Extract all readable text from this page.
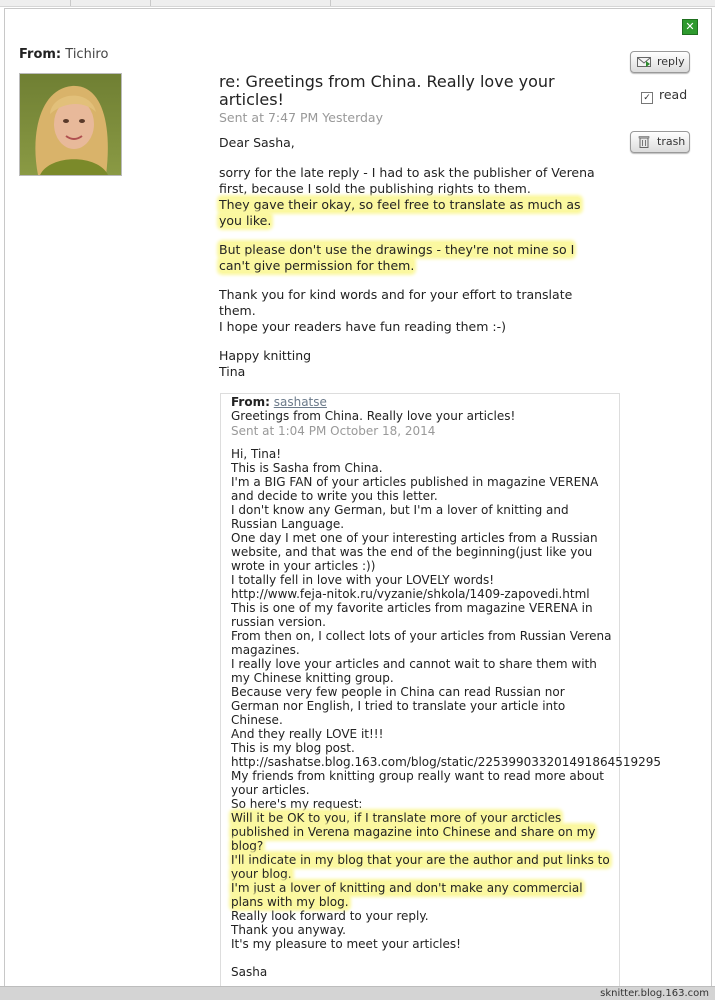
✕
From: Tichiro
re: Greetings from China. Really love your articles!
Sent at 7:47 PM Yesterday
reply
✓ read
trash
Dear Sasha,
sorry for the late reply - I had to ask the publisher of Verena first, because I sold the publishing rights to them.

They gave their okay, so feel free to translate as much as

you like.

But please don't use the drawings - they're not mine so I

can't give permission for them.

Thank you for kind words and for your effort to translate

them.

I hope your readers have fun reading them :-)

Happy knitting

Tina

From: sashatse
Greetings from China. Really love your articles!
Sent at 1:04 PM October 18, 2014

Hi, Tina!

This is Sasha from China.

I'm a BIG FAN of your articles published in magazine VERENA

and decide to write you this letter.

I don't know any German, but I'm a lover of knitting and

Russian Language.

One day I met one of your interesting articles from a Russian

website, and that was the end of the beginning(just like you

wrote in your articles :))

I totally fell in love with your LOVELY words!

http://www.feja-nitok.ru/vyzanie/shkola/1409-zapovedi.html

This is one of my favorite articles from magazine VERENA in

russian version.

From then on, I collect lots of your articles from Russian Verena

magazines.

I really love your articles and cannot wait to share them with

my Chinese knitting group.

Because very few people in China can read Russian nor

German nor English, I tried to translate your article into

Chinese.

And they really LOVE it!!!

This is my blog post.

http://sashatse.blog.163.com/blog/static/225399033201491864519295

My friends from knitting group really want to read more about

your articles.

So here's my request:

Will it be OK to you, if I translate more of your arcticles

published in Verena magazine into Chinese and share on my

blog?

I'll indicate in my blog that your are the author and put links to

your blog.

I'm just a lover of knitting and don't make any commercial

plans with my blog.

Really look forward to your reply.

Thank you anyway.

It's my pleasure to meet your articles!

Sasha

sknitter.blog.163.com
